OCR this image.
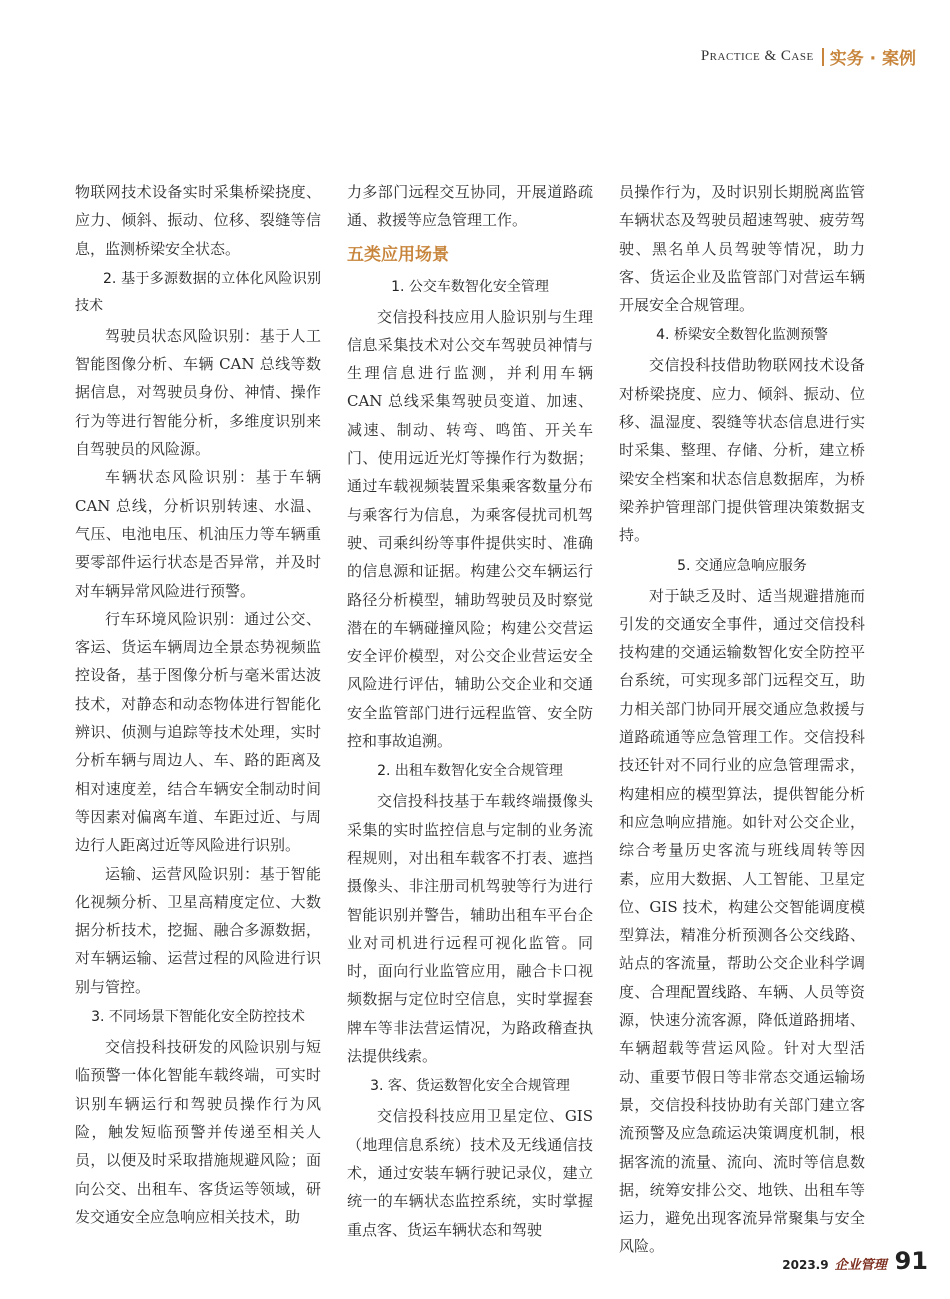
Practice & Case 实务 · 案例

物联网技术设备实时采集桥梁挠度、应力、倾斜、振动、位移、裂缝等信息，监测桥梁安全状态。

2. 基于多源数据的立体化风险识别技术

驾驶员状态风险识别：基于人工智能图像分析、车辆 CAN 总线等数据信息，对驾驶员身份、神情、操作行为等进行智能分析，多维度识别来自驾驶员的风险源。

车辆状态风险识别：基于车辆 CAN 总线，分析识别转速、水温、气压、电池电压、机油压力等车辆重要零部件运行状态是否异常，并及时对车辆异常风险进行预警。

行车环境风险识别：通过公交、客运、货运车辆周边全景态势视频监控设备，基于图像分析与毫米雷达波技术，对静态和动态物体进行智能化辨识、侦测与追踪等技术处理，实时分析车辆与周边人、车、路的距离及相对速度差，结合车辆安全制动时间等因素对偏离车道、车距过近、与周边行人距离过近等风险进行识别。

运输、运营风险识别：基于智能化视频分析、卫星高精度定位、大数据分析技术，挖掘、融合多源数据，对车辆运输、运营过程的风险进行识别与管控。

3. 不同场景下智能化安全防控技术

交信投科技研发的风险识别与短临预警一体化智能车载终端，可实时识别车辆运行和驾驶员操作行为风险，触发短临预警并传递至相关人员，以便及时采取措施规避风险；面向公交、出租车、客货运等领域，研发交通安全应急响应相关技术，助

力多部门远程交互协同，开展道路疏通、救援等应急管理工作。

五类应用场景
1. 公交车数智化安全管理

交信投科技应用人脸识别与生理信息采集技术对公交车驾驶员神情与生理信息进行监测，并利用车辆 CAN 总线采集驾驶员变道、加速、减速、制动、转弯、鸣笛、开关车门、使用远近光灯等操作行为数据；通过车载视频装置采集乘客数量分布与乘客行为信息，为乘客侵扰司机驾驶、司乘纠纷等事件提供实时、准确的信息源和证据。构建公交车辆运行路径分析模型，辅助驾驶员及时察觉潜在的车辆碰撞风险；构建公交营运安全评价模型，对公交企业营运安全风险进行评估，辅助公交企业和交通安全监管部门进行远程监管、安全防控和事故追溯。

2. 出租车数智化安全合规管理

交信投科技基于车载终端摄像头采集的实时监控信息与定制的业务流程规则，对出租车载客不打表、遮挡摄像头、非注册司机驾驶等行为进行智能识别并警告，辅助出租车平台企业对司机进行远程可视化监管。同时，面向行业监管应用，融合卡口视频数据与定位时空信息，实时掌握套牌车等非法营运情况，为路政稽查执法提供线索。

3. 客、货运数智化安全合规管理

交信投科技应用卫星定位、GIS（地理信息系统）技术及无线通信技术，通过安装车辆行驶记录仪，建立统一的车辆状态监控系统，实时掌握重点客、货运车辆状态和驾驶

员操作行为，及时识别长期脱离监管车辆状态及驾驶员超速驾驶、疲劳驾驶、黑名单人员驾驶等情况，助力客、货运企业及监管部门对营运车辆开展安全合规管理。

4. 桥梁安全数智化监测预警

交信投科技借助物联网技术设备对桥梁挠度、应力、倾斜、振动、位移、温湿度、裂缝等状态信息进行实时采集、整理、存储、分析，建立桥梁安全档案和状态信息数据库，为桥梁养护管理部门提供管理决策数据支持。

5. 交通应急响应服务

对于缺乏及时、适当规避措施而引发的交通安全事件，通过交信投科技构建的交通运输数智化安全防控平台系统，可实现多部门远程交互，助力相关部门协同开展交通应急救援与道路疏通等应急管理工作。交信投科技还针对不同行业的应急管理需求，构建相应的模型算法，提供智能分析和应急响应措施。如针对公交企业，综合考量历史客流与班线周转等因素，应用大数据、人工智能、卫星定位、GIS 技术，构建公交智能调度模型算法，精准分析预测各公交线路、站点的客流量，帮助公交企业科学调度、合理配置线路、车辆、人员等资源，快速分流客源，降低道路拥堵、车辆超载等营运风险。针对大型活动、重要节假日等非常态交通运输场景，交信投科技协助有关部门建立客流预警及应急疏运决策调度机制，根据客流的流量、流向、流时等信息数据，统筹安排公交、地铁、出租车等运力，避免出现客流异常聚集与安全风险。

2023.9 企业管理 91
